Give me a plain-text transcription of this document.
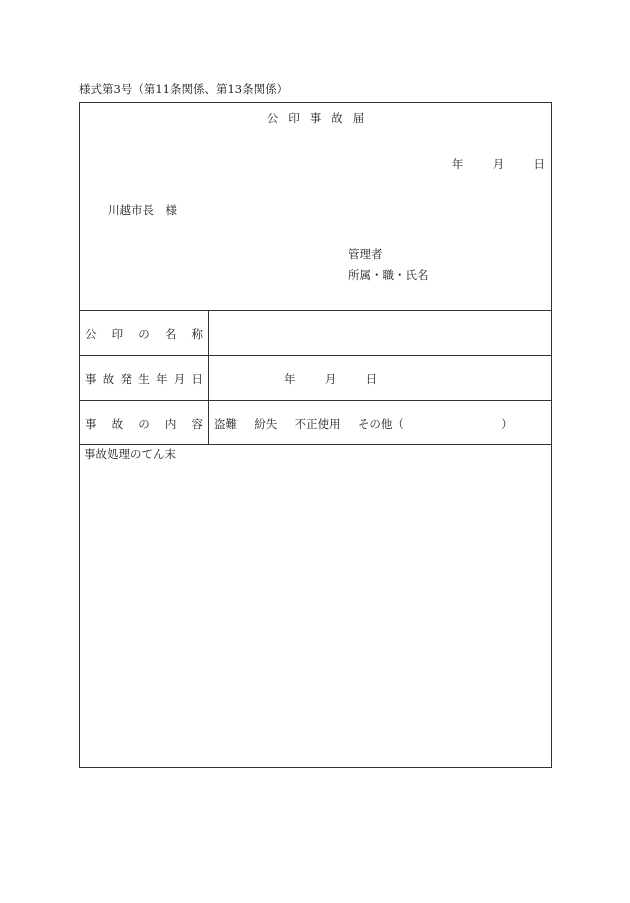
様式第3号（第11条関係、第13条関係）
公印事故届
年	月	日
川越市長　様
管理者
所属・職・氏名
公 印 の 名 称
事 故 発 生 年 月 日	年	月	日
事 故 の 内 容 盗難 紛失 不正使用 その他（	）
事故処理のてん末
